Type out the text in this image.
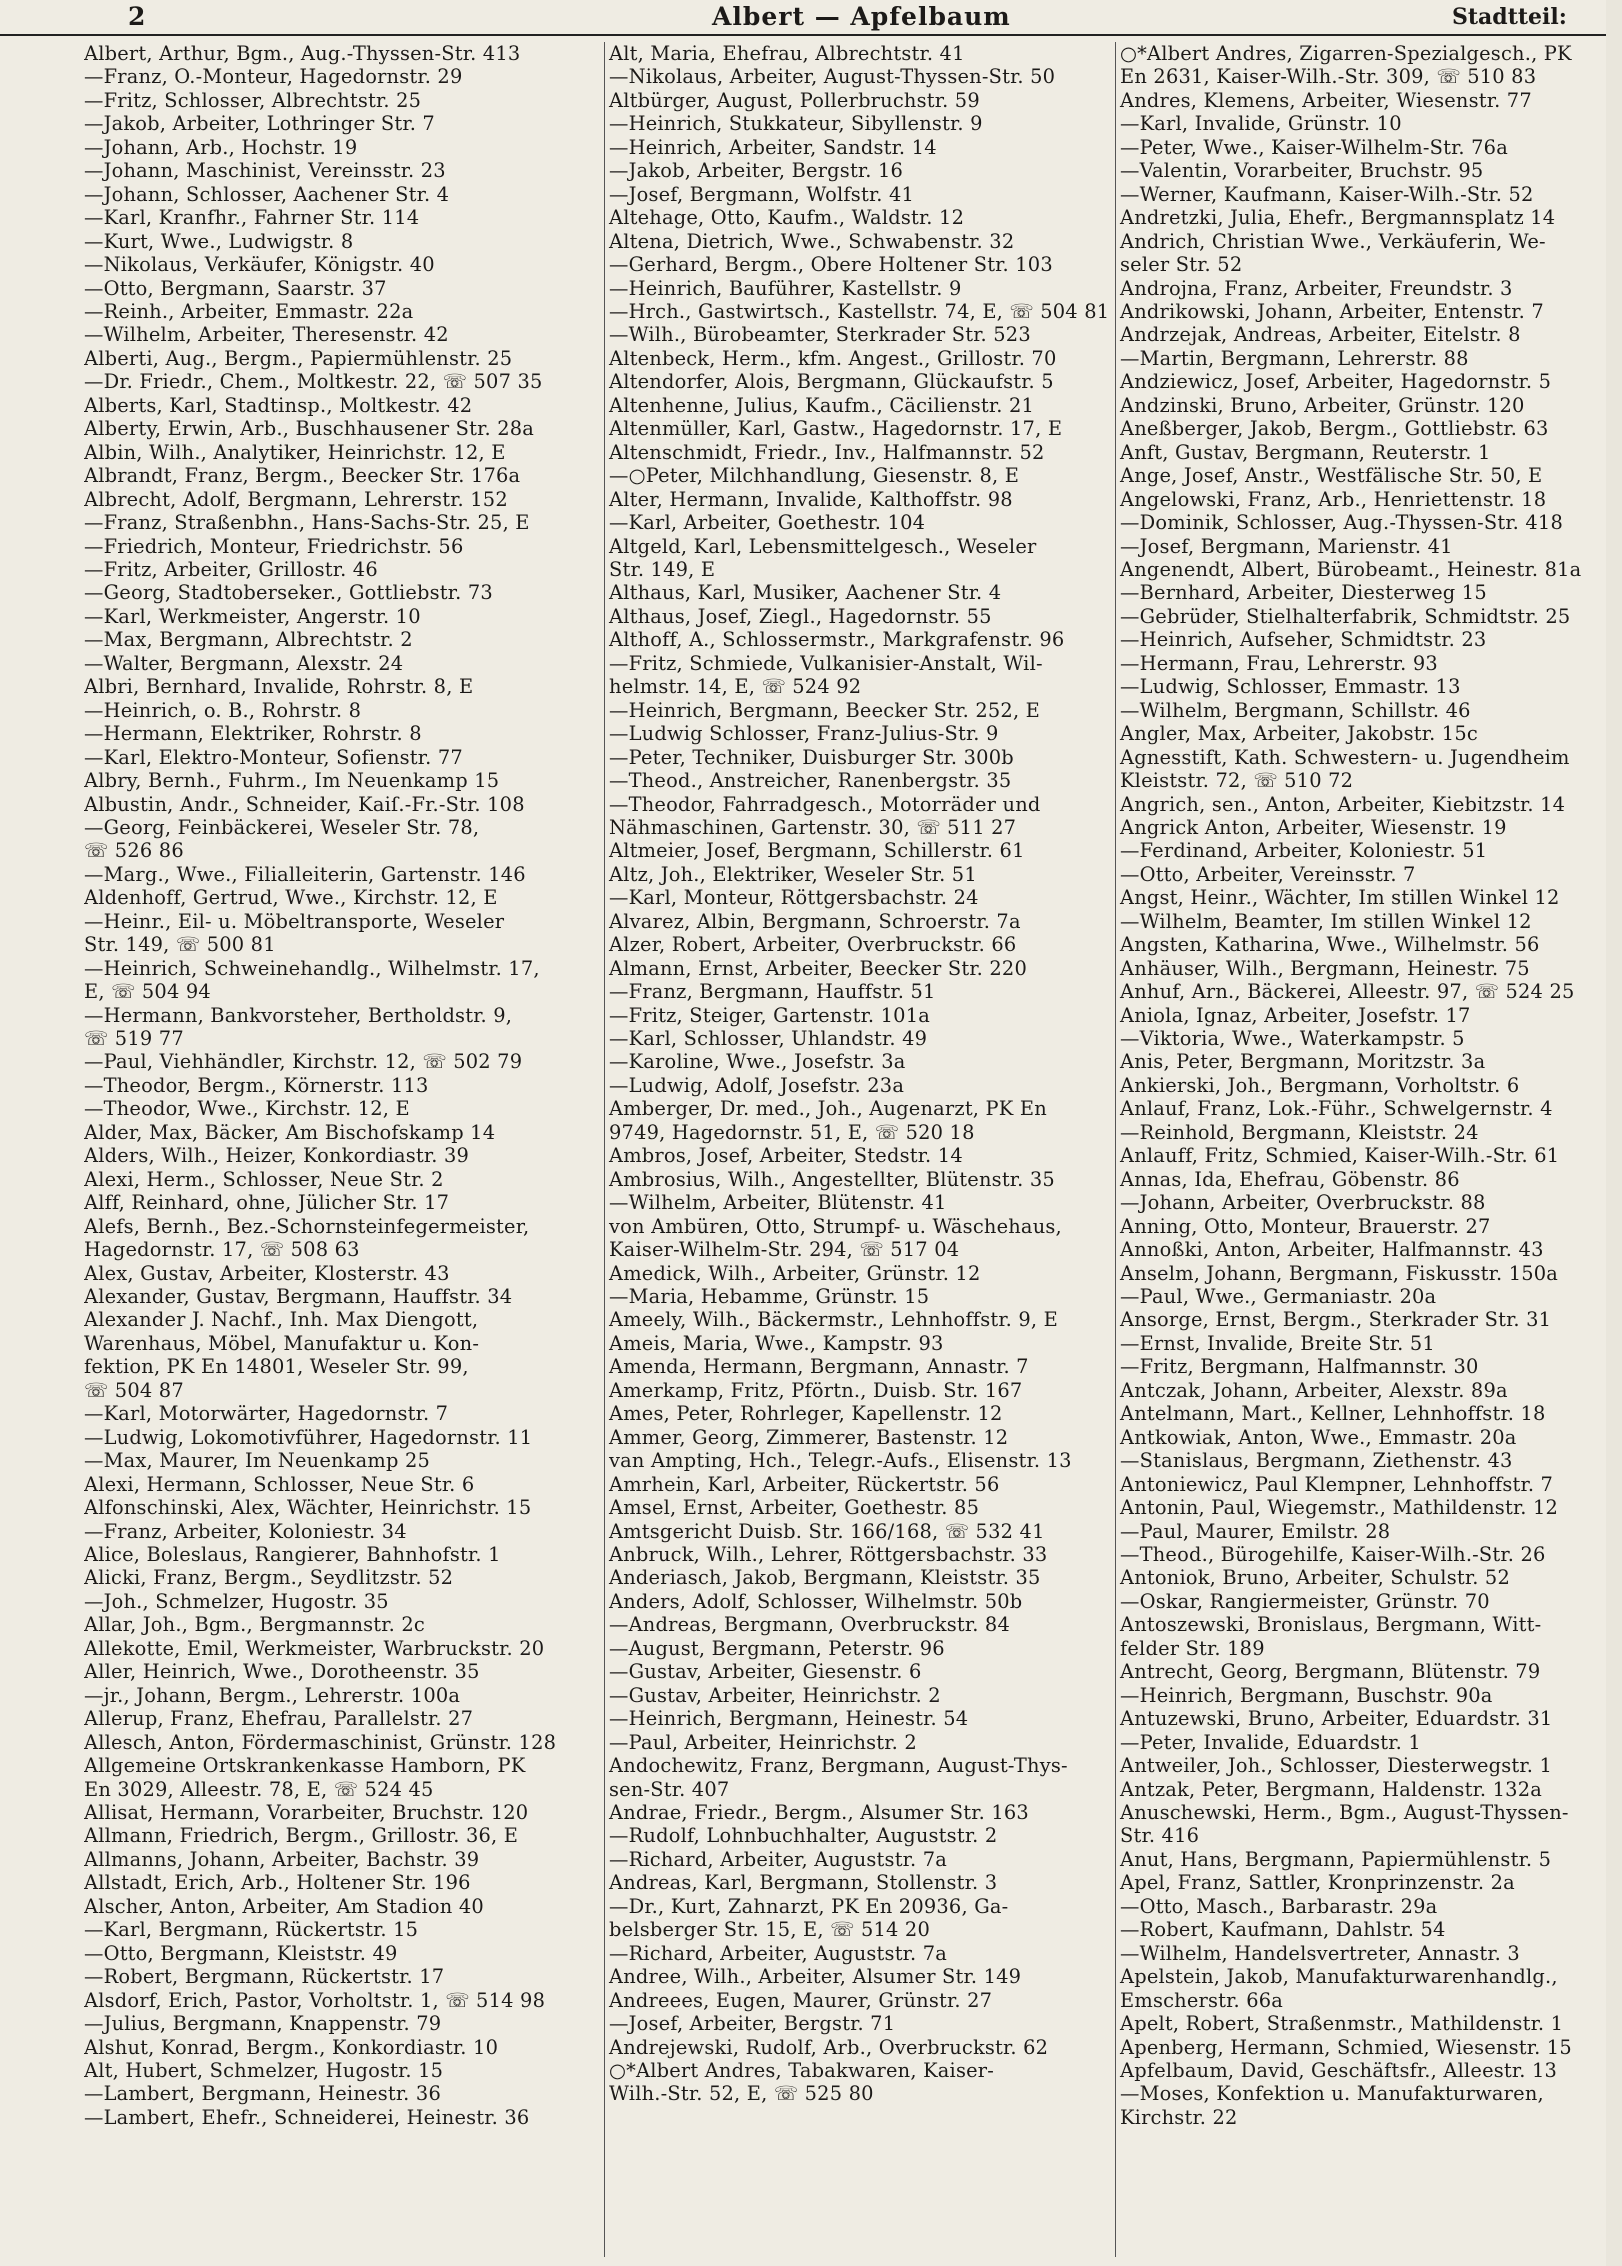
2	Albert — Apfelbaum	Stadtteil:
Albert, Arthur, Bgm., Aug.-Thyssen-Str. 413
—Franz, O.-Monteur, Hagedornstr. 29
—Fritz, Schlosser, Albrechtstr. 25
—Jakob, Arbeiter, Lothringer Str. 7
—Johann, Arb., Hochstr. 19
—Johann, Maschinist, Vereinsstr. 23
—Johann, Schlosser, Aachener Str. 4
—Karl, Kranfhr., Fahrner Str. 114
—Kurt, Wwe., Ludwigstr. 8
—Nikolaus, Verkäufer, Königstr. 40
—Otto, Bergmann, Saarstr. 37
—Reinh., Arbeiter, Emmastr. 22a
—Wilhelm, Arbeiter, Theresenstr. 42
Alberti, Aug., Bergm., Papiermühlenstr. 25
—Dr. Friedr., Chem., Moltkestr. 22, ☏ 507 35
Alberts, Karl, Stadtinsp., Moltkestr. 42
Alberty, Erwin, Arb., Buschhausener Str. 28a
Albin, Wilh., Analytiker, Heinrichstr. 12, E
Albrandt, Franz, Bergm., Beecker Str. 176a
Albrecht, Adolf, Bergmann, Lehrerstr. 152
—Franz, Straßenbhn., Hans-Sachs-Str. 25, E
—Friedrich, Monteur, Friedrichstr. 56
—Fritz, Arbeiter, Grillostr. 46
—Georg, Stadtoberseker., Gottliebstr. 73
—Karl, Werkmeister, Angerstr. 10
—Max, Bergmann, Albrechtstr. 2
—Walter, Bergmann, Alexstr. 24
Albri, Bernhard, Invalide, Rohrstr. 8, E
—Heinrich, o. B., Rohrstr. 8
—Hermann, Elektriker, Rohrstr. 8
—Karl, Elektro-Monteur, Sofienstr. 77
Albry, Bernh., Fuhrm., Im Neuenkamp 15
Albustin, Andr., Schneider, Kaiſ.-Fr.-Str. 108
—Georg, Feinbäckerei, Weseler Str. 78,
☏ 526 86
—Marg., Wwe., Filialleiterin, Gartenstr. 146
Aldenhoff, Gertrud, Wwe., Kirchstr. 12, E
—Heinr., Eil- u. Möbeltransporte, Weseler
Str. 149, ☏ 500 81
—Heinrich, Schweinehandlg., Wilhelmstr. 17,
E, ☏ 504 94
—Hermann, Bankvorsteher, Bertholdstr. 9,
☏ 519 77
—Paul, Viehhändler, Kirchstr. 12, ☏ 502 79
—Theodor, Bergm., Körnerstr. 113
—Theodor, Wwe., Kirchstr. 12, E
Alder, Max, Bäcker, Am Bischofskamp 14
Alders, Wilh., Heizer, Konkordiastr. 39
Alexi, Herm., Schlosser, Neue Str. 2
Alff, Reinhard, ohne, Jülicher Str. 17
Alefs, Bernh., Bez.-Schornsteinfegermeister,
Hagedornstr. 17, ☏ 508 63
Alex, Gustav, Arbeiter, Klosterstr. 43
Alexander, Gustav, Bergmann, Hauffstr. 34
Alexander J. Nachf., Inh. Max Diengott,
Warenhaus, Möbel, Manufaktur u. Kon-
fektion, PK En 14801, Weseler Str. 99,
☏ 504 87
—Karl, Motorwärter, Hagedornstr. 7
—Ludwig, Lokomotivführer, Hagedornstr. 11
—Max, Maurer, Im Neuenkamp 25
Alexi, Hermann, Schlosser, Neue Str. 6
Alfonschinski, Alex, Wächter, Heinrichstr. 15
—Franz, Arbeiter, Koloniestr. 34
Alice, Boleslaus, Rangierer, Bahnhofstr. 1
Alicki, Franz, Bergm., Seydlitzstr. 52
—Joh., Schmelzer, Hugostr. 35
Allar, Joh., Bgm., Bergmannstr. 2c
Allekotte, Emil, Werkmeister, Warbruckstr. 20
Aller, Heinrich, Wwe., Dorotheenstr. 35
—jr., Johann, Bergm., Lehrerstr. 100a
Allerup, Franz, Ehefrau, Parallelstr. 27
Allesch, Anton, Fördermaschinist, Grünstr. 128
Allgemeine Ortskrankenkasse Hamborn, PK
En 3029, Alleestr. 78, E, ☏ 524 45
Allisat, Hermann, Vorarbeiter, Bruchstr. 120
Allmann, Friedrich, Bergm., Grillostr. 36, E
Allmanns, Johann, Arbeiter, Bachstr. 39
Allstadt, Erich, Arb., Holtener Str. 196
Alscher, Anton, Arbeiter, Am Stadion 40
—Karl, Bergmann, Rückertstr. 15
—Otto, Bergmann, Kleiststr. 49
—Robert, Bergmann, Rückertstr. 17
Alsdorf, Erich, Pastor, Vorholtstr. 1, ☏ 514 98
—Julius, Bergmann, Knappenstr. 79
Alshut, Konrad, Bergm., Konkordiastr. 10
Alt, Hubert, Schmelzer, Hugostr. 15
—Lambert, Bergmann, Heinestr. 36
—Lambert, Ehefr., Schneiderei, Heinestr. 36
Alt, Maria, Ehefrau, Albrechtstr. 41
—Nikolaus, Arbeiter, August-Thyssen-Str. 50
Altbürger, August, Pollerbruchstr. 59
—Heinrich, Stukkateur, Sibyllenstr. 9
—Heinrich, Arbeiter, Sandstr. 14
—Jakob, Arbeiter, Bergstr. 16
—Josef, Bergmann, Wolfstr. 41
Altehage, Otto, Kaufm., Waldstr. 12
Altena, Dietrich, Wwe., Schwabenstr. 32
—Gerhard, Bergm., Obere Holtener Str. 103
—Heinrich, Bauführer, Kastellstr. 9
—Hrch., Gastwirtsch., Kastellstr. 74, E, ☏ 504 81
—Wilh., Bürobeamter, Sterkrader Str. 523
Altenbeck, Herm., kfm. Angest., Grillostr. 70
Altendorfer, Alois, Bergmann, Glückaufstr. 5
Altenhenne, Julius, Kaufm., Cäcilienstr. 21
Altenmüller, Karl, Gastw., Hagedornstr. 17, E
Altenschmidt, Friedr., Inv., Halfmannstr. 52
—○Peter, Milchhandlung, Giesenstr. 8, E
Alter, Hermann, Invalide, Kalthoffstr. 98
—Karl, Arbeiter, Goethestr. 104
Altgeld, Karl, Lebensmittelgesch., Weseler
Str. 149, E
Althaus, Karl, Musiker, Aachener Str. 4
Althaus, Josef, Ziegl., Hagedornstr. 55
Althoff, A., Schlossermstr., Markgrafenstr. 96
—Fritz, Schmiede, Vulkanisier-Anstalt, Wil-
helmstr. 14, E, ☏ 524 92
—Heinrich, Bergmann, Beecker Str. 252, E
—Ludwig Schlosser, Franz-Julius-Str. 9
—Peter, Techniker, Duisburger Str. 300b
—Theod., Anstreicher, Ranenbergstr. 35
—Theodor, Fahrradgesch., Motorräder und
Nähmaschinen, Gartenstr. 30, ☏ 511 27
Altmeier, Josef, Bergmann, Schillerstr. 61
Altz, Joh., Elektriker, Weseler Str. 51
—Karl, Monteur, Röttgersbachstr. 24
Alvarez, Albin, Bergmann, Schroerstr. 7a
Alzer, Robert, Arbeiter, Overbruckstr. 66
Almann, Ernst, Arbeiter, Beecker Str. 220
—Franz, Bergmann, Hauffstr. 51
—Fritz, Steiger, Gartenstr. 101a
—Karl, Schlosser, Uhlandstr. 49
—Karoline, Wwe., Josefstr. 3a
—Ludwig, Adolf, Josefstr. 23a
Amberger, Dr. med., Joh., Augenarzt, PK En
9749, Hagedornstr. 51, E, ☏ 520 18
Ambros, Josef, Arbeiter, Stedstr. 14
Ambrosius, Wilh., Angestellter, Blütenstr. 35
—Wilhelm, Arbeiter, Blütenstr. 41
von Ambüren, Otto, Strumpf- u. Wäschehaus,
Kaiser-Wilhelm-Str. 294, ☏ 517 04
Amedick, Wilh., Arbeiter, Grünstr. 12
—Maria, Hebamme, Grünstr. 15
Ameely, Wilh., Bäckermstr., Lehnhoffstr. 9, E
Ameis, Maria, Wwe., Kampstr. 93
Amenda, Hermann, Bergmann, Annastr. 7
Amerkamp, Fritz, Pförtn., Duisb. Str. 167
Ames, Peter, Rohrleger, Kapellenstr. 12
Ammer, Georg, Zimmerer, Bastenstr. 12
van Ampting, Hch., Telegr.-Aufs., Elisenstr. 13
Amrhein, Karl, Arbeiter, Rückertstr. 56
Amsel, Ernst, Arbeiter, Goethestr. 85
Amtsgericht Duisb. Str. 166/168, ☏ 532 41
Anbruck, Wilh., Lehrer, Röttgersbachstr. 33
Anderiasch, Jakob, Bergmann, Kleiststr. 35
Anders, Adolf, Schlosser, Wilhelmstr. 50b
—Andreas, Bergmann, Overbruckstr. 84
—August, Bergmann, Peterstr. 96
—Gustav, Arbeiter, Giesenstr. 6
—Gustav, Arbeiter, Heinrichstr. 2
—Heinrich, Bergmann, Heinestr. 54
—Paul, Arbeiter, Heinrichstr. 2
Andochewitz, Franz, Bergmann, August-Thys-
sen-Str. 407
Andrae, Friedr., Bergm., Alsumer Str. 163
—Rudolf, Lohnbuchhalter, Auguststr. 2
—Richard, Arbeiter, Auguststr. 7a
Andreas, Karl, Bergmann, Stollenstr. 3
—Dr., Kurt, Zahnarzt, PK En 20936, Ga-
belsberger Str. 15, E, ☏ 514 20
—Richard, Arbeiter, Auguststr. 7a
Andree, Wilh., Arbeiter, Alsumer Str. 149
Andreees, Eugen, Maurer, Grünstr. 27
—Josef, Arbeiter, Bergstr. 71
Andrejewski, Rudolf, Arb., Overbruckstr. 62
○*Albert Andres, Tabakwaren, Kaiser-
Wilh.-Str. 52, E, ☏ 525 80
○*Albert Andres, Zigarren-Spezialgesch., PK
En 2631, Kaiser-Wilh.-Str. 309, ☏ 510 83
Andres, Klemens, Arbeiter, Wiesenstr. 77
—Karl, Invalide, Grünstr. 10
—Peter, Wwe., Kaiser-Wilhelm-Str. 76a
—Valentin, Vorarbeiter, Bruchstr. 95
—Werner, Kaufmann, Kaiser-Wilh.-Str. 52
Andretzki, Julia, Ehefr., Bergmannsplatz 14
Andrich, Christian Wwe., Verkäuferin, We-
seler Str. 52
Androjna, Franz, Arbeiter, Freundstr. 3
Andrikowski, Johann, Arbeiter, Entenstr. 7
Andrzejak, Andreas, Arbeiter, Eitelstr. 8
—Martin, Bergmann, Lehrerstr. 88
Andziewicz, Josef, Arbeiter, Hagedornstr. 5
Andzinski, Bruno, Arbeiter, Grünstr. 120
Aneßberger, Jakob, Bergm., Gottliebstr. 63
Anft, Gustav, Bergmann, Reuterstr. 1
Ange, Josef, Anstr., Westfälische Str. 50, E
Angelowski, Franz, Arb., Henriettenstr. 18
—Dominik, Schlosser, Aug.-Thyssen-Str. 418
—Josef, Bergmann, Marienstr. 41
Angenendt, Albert, Bürobeamt., Heinestr. 81a
—Bernhard, Arbeiter, Diesterweg 15
—Gebrüder, Stielhalterfabrik, Schmidtstr. 25
—Heinrich, Aufseher, Schmidtstr. 23
—Hermann, Frau, Lehrerstr. 93
—Ludwig, Schlosser, Emmastr. 13
—Wilhelm, Bergmann, Schillstr. 46
Angler, Max, Arbeiter, Jakobstr. 15c
Agnesstift, Kath. Schwestern- u. Jugendheim
Kleiststr. 72, ☏ 510 72
Angrich, sen., Anton, Arbeiter, Kiebitzstr. 14
Angrick Anton, Arbeiter, Wiesenstr. 19
—Ferdinand, Arbeiter, Koloniestr. 51
—Otto, Arbeiter, Vereinsstr. 7
Angst, Heinr., Wächter, Im stillen Winkel 12
—Wilhelm, Beamter, Im stillen Winkel 12
Angsten, Katharina, Wwe., Wilhelmstr. 56
Anhäuser, Wilh., Bergmann, Heinestr. 75
Anhuf, Arn., Bäckerei, Alleestr. 97, ☏ 524 25
Aniola, Ignaz, Arbeiter, Josefstr. 17
—Viktoria, Wwe., Waterkampstr. 5
Anis, Peter, Bergmann, Moritzstr. 3a
Ankierski, Joh., Bergmann, Vorholtstr. 6
Anlauf, Franz, Lok.-Führ., Schwelgernstr. 4
—Reinhold, Bergmann, Kleiststr. 24
Anlauff, Fritz, Schmied, Kaiser-Wilh.-Str. 61
Annas, Ida, Ehefrau, Göbenstr. 86
—Johann, Arbeiter, Overbruckstr. 88
Anning, Otto, Monteur, Brauerstr. 27
Annoßki, Anton, Arbeiter, Halfmannstr. 43
Anselm, Johann, Bergmann, Fiskusstr. 150a
—Paul, Wwe., Germaniastr. 20a
Ansorge, Ernst, Bergm., Sterkrader Str. 31
—Ernst, Invalide, Breite Str. 51
—Fritz, Bergmann, Halfmannstr. 30
Antczak, Johann, Arbeiter, Alexstr. 89a
Antelmann, Mart., Kellner, Lehnhoffstr. 18
Antkowiak, Anton, Wwe., Emmastr. 20a
—Stanislaus, Bergmann, Ziethenstr. 43
Antoniewicz, Paul Klempner, Lehnhoffstr. 7
Antonin, Paul, Wiegemstr., Mathildenstr. 12
—Paul, Maurer, Emilstr. 28
—Theod., Bürogehilfe, Kaiser-Wilh.-Str. 26
Antoniok, Bruno, Arbeiter, Schulstr. 52
—Oskar, Rangiermeister, Grünstr. 70
Antoszewski, Bronislaus, Bergmann, Witt-
felder Str. 189
Antrecht, Georg, Bergmann, Blütenstr. 79
—Heinrich, Bergmann, Buschstr. 90a
Antuzewski, Bruno, Arbeiter, Eduardstr. 31
—Peter, Invalide, Eduardstr. 1
Antweiler, Joh., Schlosser, Diesterwegstr. 1
Antzak, Peter, Bergmann, Haldenstr. 132a
Anuschewski, Herm., Bgm., August-Thyssen-
Str. 416
Anut, Hans, Bergmann, Papiermühlenstr. 5
Apel, Franz, Sattler, Kronprinzenstr. 2a
—Otto, Masch., Barbarastr. 29a
—Robert, Kaufmann, Dahlstr. 54
—Wilhelm, Handelsvertreter, Annastr. 3
Apelstein, Jakob, Manufakturwarenhandlg.,
Emscherstr. 66a
Apelt, Robert, Straßenmstr., Mathildenstr. 1
Apenberg, Hermann, Schmied, Wiesenstr. 15
Apfelbaum, David, Geschäftsfr., Alleestr. 13
—Moses, Konfektion u. Manufakturwaren,
Kirchstr. 22
